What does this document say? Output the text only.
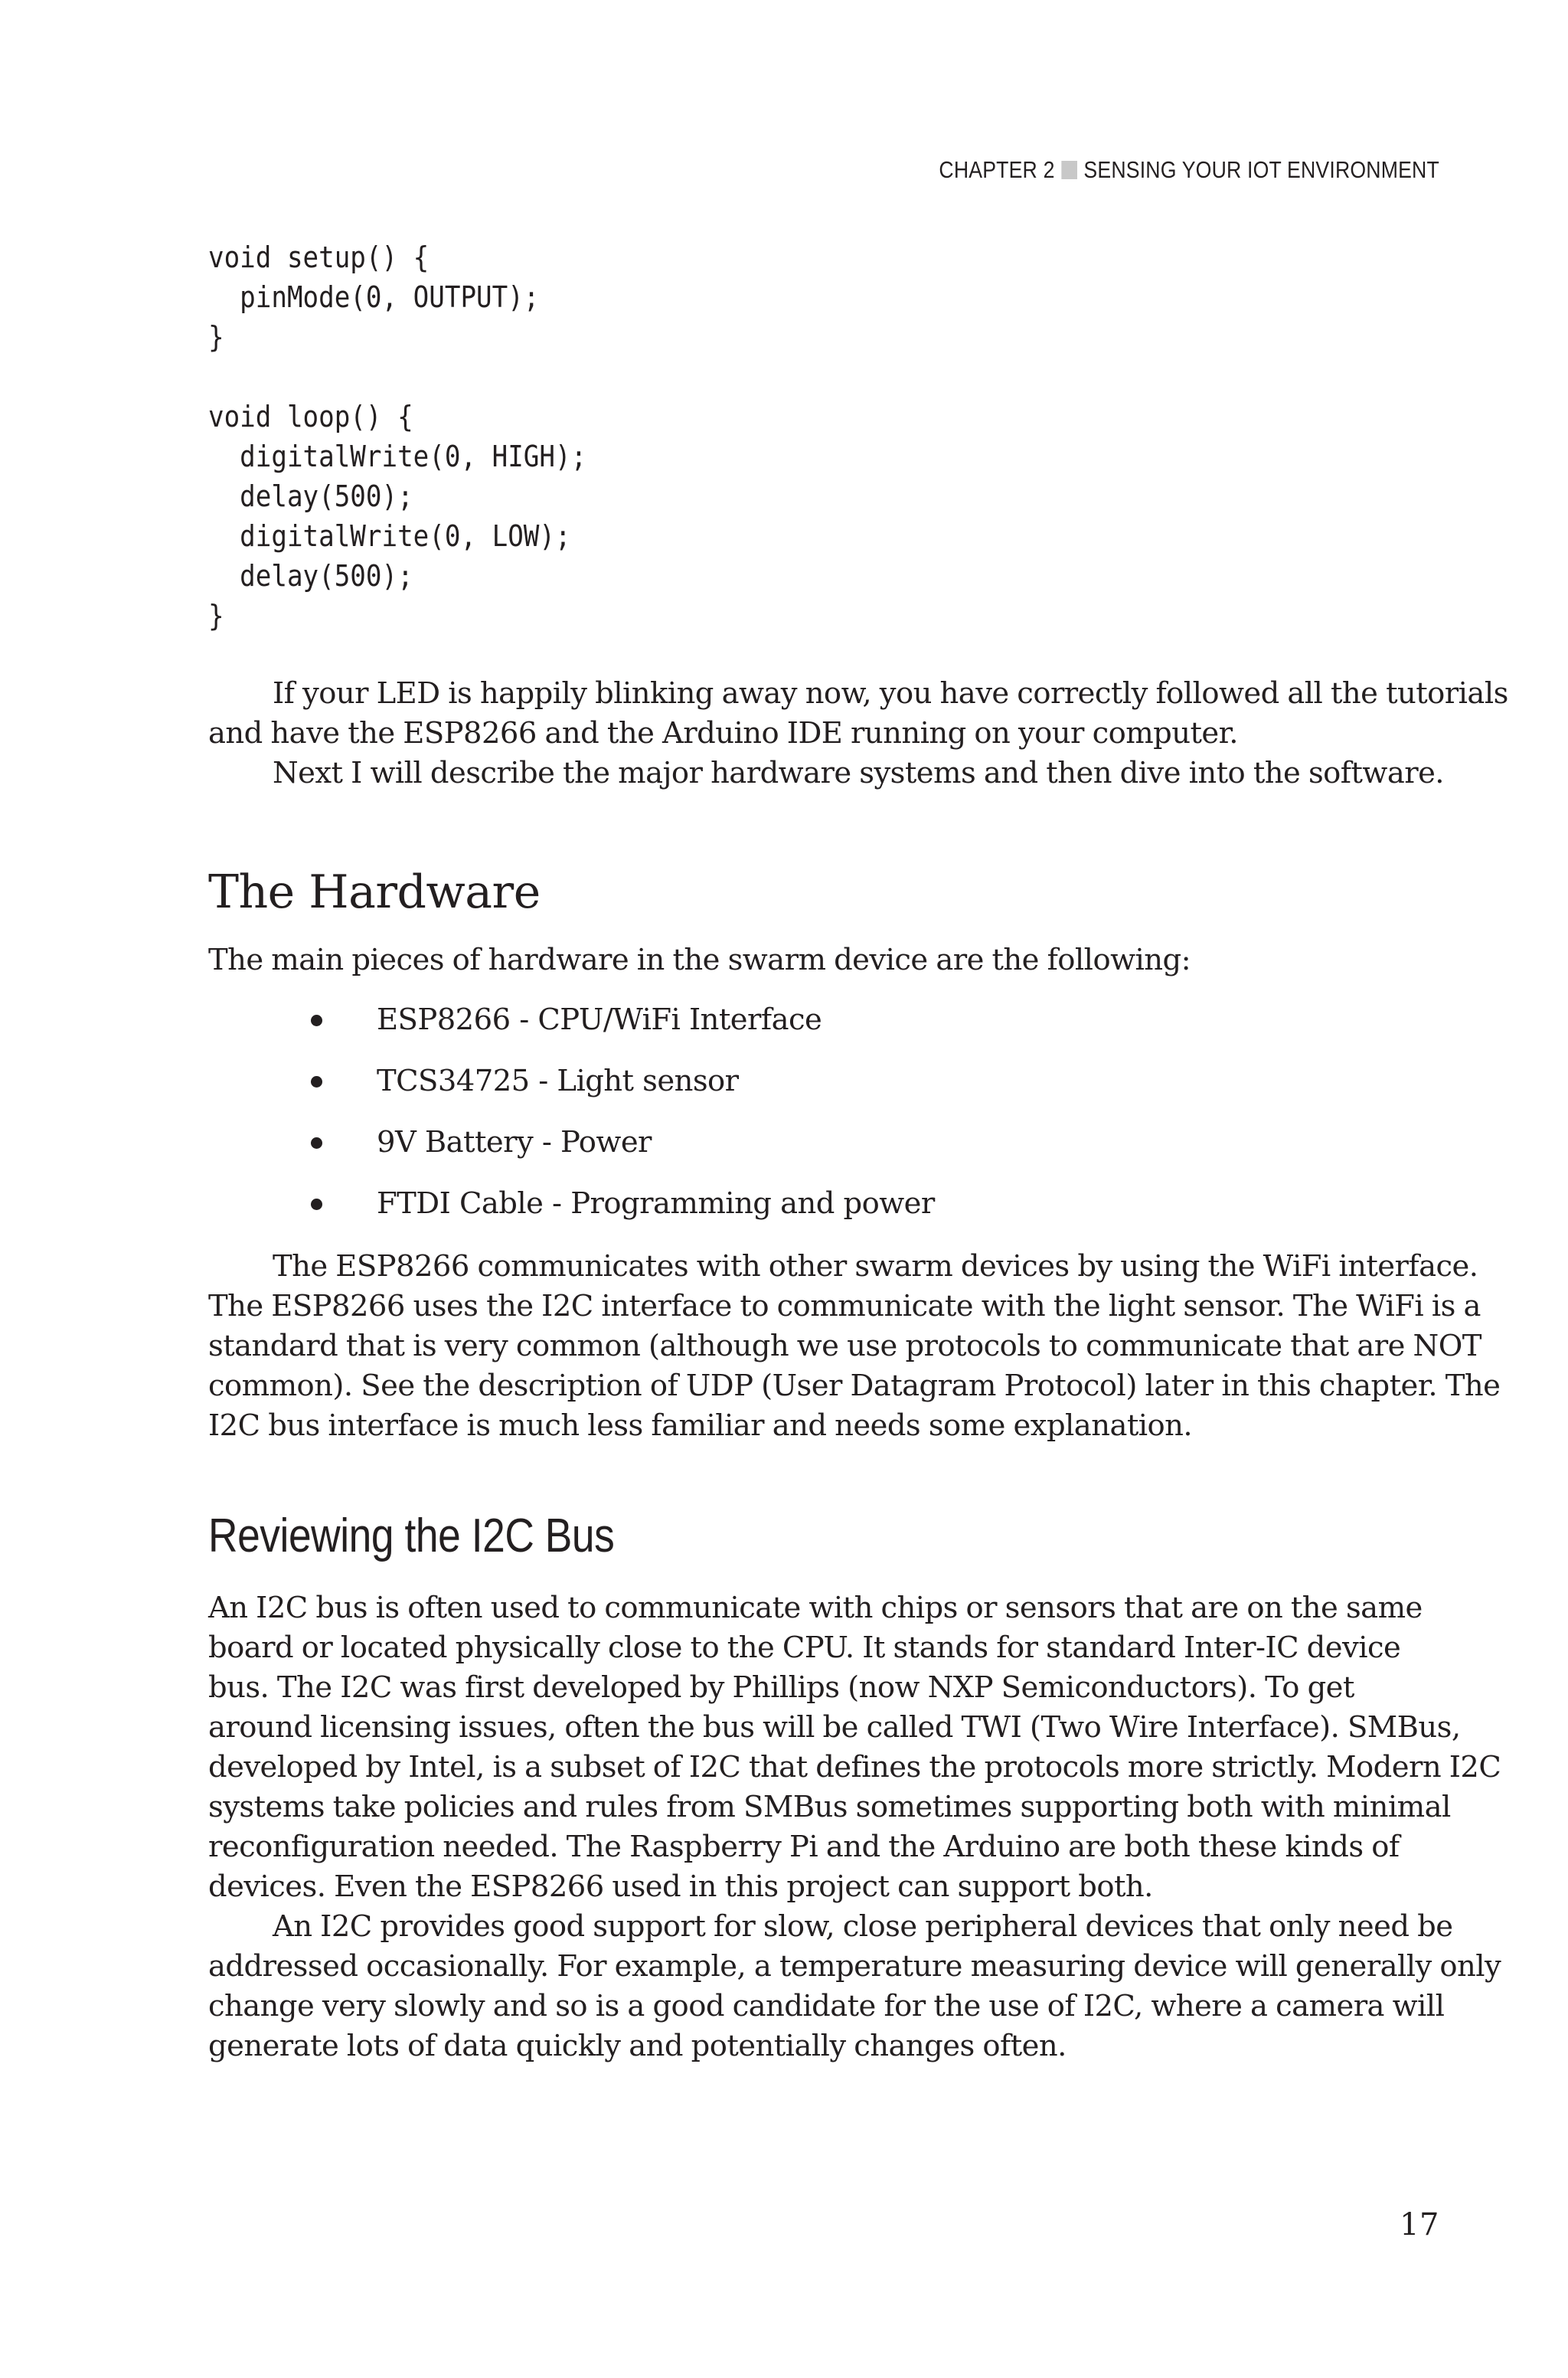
CHAPTER 2 SENSING YOUR IOT ENVIRONMENT
void setup() {
pinMode(0, OUTPUT);
}

void loop() {
digitalWrite(0, HIGH);
delay(500);
digitalWrite(0, LOW);
delay(500);
}

If your LED is happily blinking away now, you have correctly followed all the tutorials
and have the ESP8266 and the Arduino IDE running on your computer.

Next I will describe the major hardware systems and then dive into the software.

The Hardware

The main pieces of hardware in the swarm device are the following:

ESP8266 - CPU/WiFi Interface
TCS34725 - Light sensor
9V Battery - Power
FTDI Cable - Programming and power

The ESP8266 communicates with other swarm devices by using the WiFi interface.
The ESP8266 uses the I2C interface to communicate with the light sensor. The WiFi is a
standard that is very common (although we use protocols to communicate that are NOT
common). See the description of UDP (User Datagram Protocol) later in this chapter. The
I2C bus interface is much less familiar and needs some explanation.

Reviewing the I2C Bus

An I2C bus is often used to communicate with chips or sensors that are on the same
board or located physically close to the CPU. It stands for standard Inter-IC device
bus. The I2C was first developed by Phillips (now NXP Semiconductors). To get
around licensing issues, often the bus will be called TWI (Two Wire Interface). SMBus,
developed by Intel, is a subset of I2C that defines the protocols more strictly. Modern I2C
systems take policies and rules from SMBus sometimes supporting both with minimal
reconfiguration needed. The Raspberry Pi and the Arduino are both these kinds of
devices. Even the ESP8266 used in this project can support both.

An I2C provides good support for slow, close peripheral devices that only need be
addressed occasionally. For example, a temperature measuring device will generally only
change very slowly and so is a good candidate for the use of I2C, where a camera will
generate lots of data quickly and potentially changes often.

17
